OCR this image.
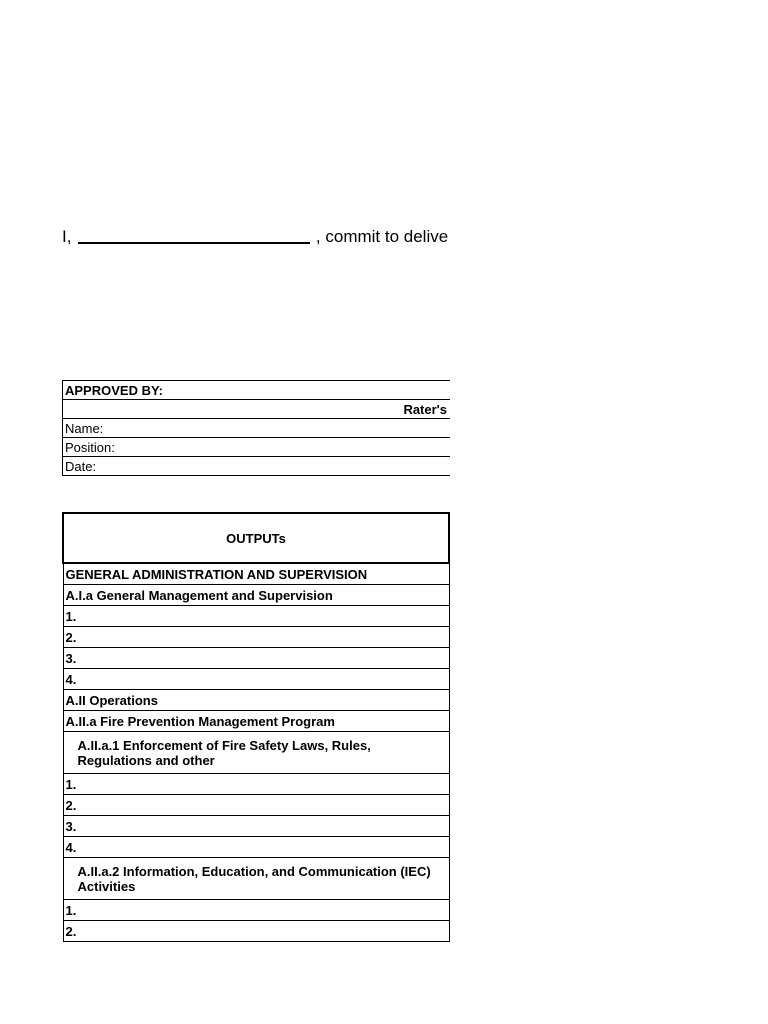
I,	, commit to delive
APPROVED BY:
Rater's
Name:
Position:
Date:
OUTPUTs
GENERAL ADMINISTRATION AND SUPERVISION
A.I.a General Management and Supervision
1.
2.
3.
4.
A.II Operations
A.II.a Fire Prevention Management Program
A.II.a.1 Enforcement of Fire Safety Laws, Rules, Regulations and other
1.
2.
3.
4.
A.II.a.2 Information, Education, and Communication (IEC) Activities
1.
2.
